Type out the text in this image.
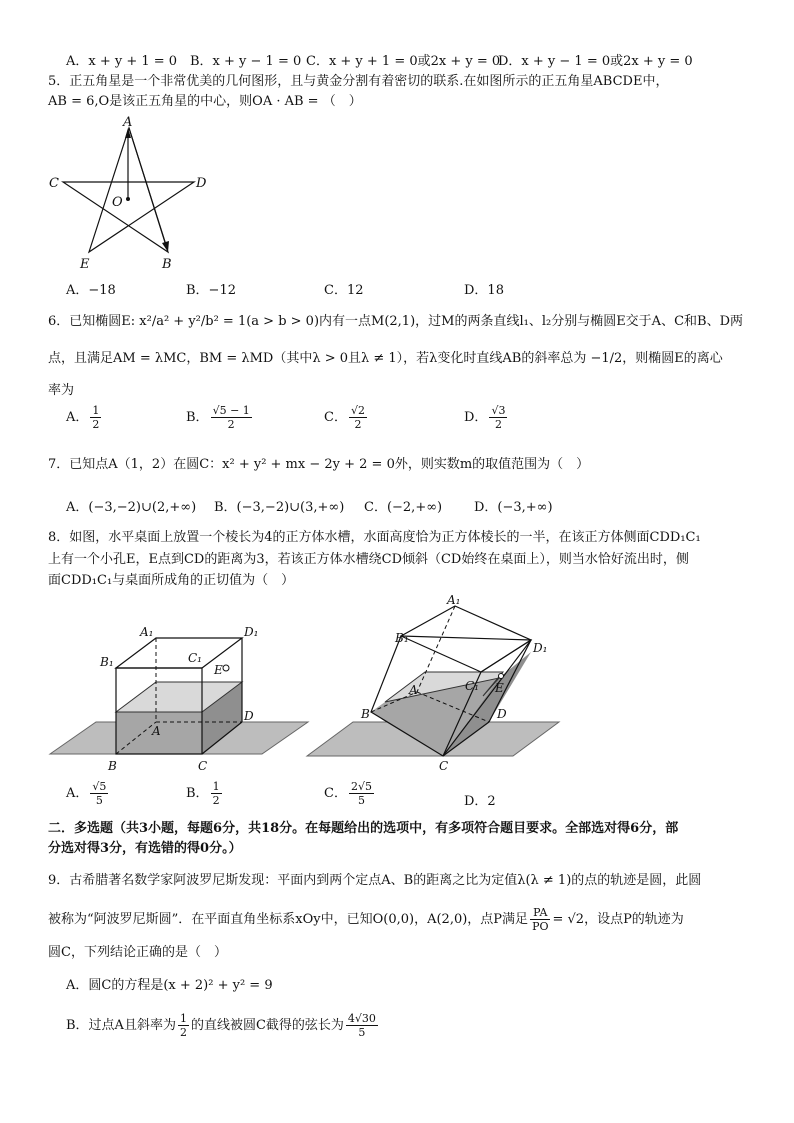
A．x + y + 1 = 0 B．x + y − 1 = 0 C．x + y + 1 = 0或2x + y = 0
D．x + y − 1 = 0或2x + y = 0
5．正五角星是一个非常优美的几何图形，且与黄金分割有着密切的联系.在如图所示的正五角星ABCDE中，
AB = 6,O是该正五角星的中心，则OA · AB = （　）
A
C	D
O
E	B
A．−18	B．−12	C．12	D．18
6．已知椭圆E: x²/a² + y²/b² = 1(a > b > 0)内有一点M(2,1)，过M的两条直线l₁、l₂分别与椭圆E交于A、C和B、D两
点，且满足AM = λMC，BM = λMD（其中λ > 0且λ ≠ 1），若λ变化时直线AB的斜率总为 −1/2，则椭圆E的离心
率为
A． $\frac{1}{2}$	B． $\frac{√5 - 1}{2}$	C． $\frac{√2}{2}$	D． $\frac{√3}{2}$
7．已知点A（1，2）在圆C：x² + y² + mx − 2y + 2 = 0外，则实数m的取值范围为（　）
A．(−3,−2)∪(2,+∞) B．(−3,−2)∪(3,+∞) C．(−2,+∞) D．(−3,+∞)
8．如图，水平桌面上放置一个棱长为4的正方体水槽，水面高度恰为正方体棱长的一半，在该正方体侧面CDD₁C₁
上有一个小孔E，E点到CD的距离为3，若该正方体水槽绕CD倾斜（CD始终在桌面上），则当水恰好流出时，侧
面CDD₁C₁与桌面所成角的正切值为（　）
A₁	D₁
B₁	C₁
E
A
D
B	C
A₁
B₁
D₁
C₁ E
A
B	D
C
A． $\frac{√5}{5}$	B． $\frac{1}{2}$	C． $\frac{2√5}{5}$	D．2
二．多选题（共3小题，每题6分，共18分。在每题给出的选项中，有多项符合题目要求。全部选对得6分，部
分选对得3分，有选错的得0分。）
9．古希腊著名数学家阿波罗尼斯发现：平面内到两个定点A、B的距离之比为定值λ(λ ≠ 1)的点的轨迹是圆，此圆
被称为“阿波罗尼斯圆”．在平面直角坐标系xOy中，已知O(0,0)，A(2,0)，点P满足 $\frac{PA}{PO} = √2$，设点P的轨迹为
圆C，下列结论正确的是（　）
A．圆C的方程是(x + 2)² + y² = 9
B．过点A且斜率为 $\frac{1}{2}$ 的直线被圆C截得的弦长为 $\frac{4√30}{5}$
